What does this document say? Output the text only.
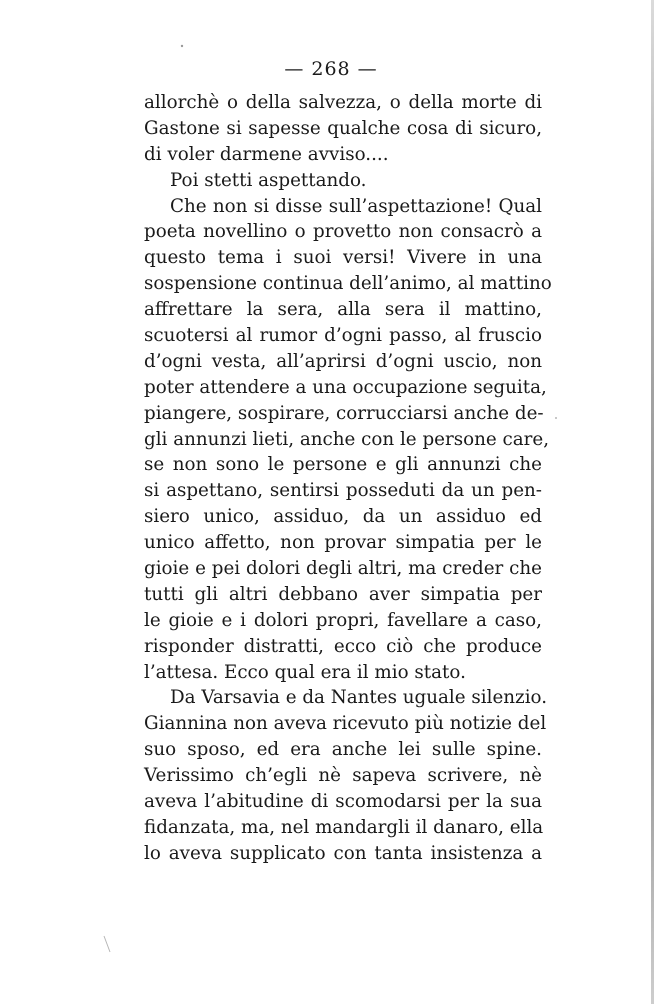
— 268 —
allorchè o della salvezza, o della morte di
Gastone si sapesse qualche cosa di sicuro,
di voler darmene avviso....
Poi stetti aspettando.
Che non si disse sull’aspettazione! Qual
poeta novellino o provetto non consacrò a
questo tema i suoi versi! Vivere in una
sospensione continua dell’animo, al mattino
affrettare la sera, alla sera il mattino,
scuotersi al rumor d’ogni passo, al fruscio
d’ogni vesta, all’aprirsi d’ogni uscio, non
poter attendere a una occupazione seguita,
piangere, sospirare, corrucciarsi anche de-
gli annunzi lieti, anche con le persone care,
se non sono le persone e gli annunzi che
si aspettano, sentirsi posseduti da un pen-
siero unico, assiduo, da un assiduo ed
unico affetto, non provar simpatia per le
gioie e pei dolori degli altri, ma creder che
tutti gli altri debbano aver simpatia per
le gioie e i dolori propri, favellare a caso,
risponder distratti, ecco ciò che produce
l’attesa. Ecco qual era il mio stato.
Da Varsavia e da Nantes uguale silenzio.
Giannina non aveva ricevuto più notizie del
suo sposo, ed era anche lei sulle spine.
Verissimo ch’egli nè sapeva scrivere, nè
aveva l’abitudine di scomodarsi per la sua
fidanzata, ma, nel mandargli il danaro, ella
lo aveva supplicato con tanta insistenza a
